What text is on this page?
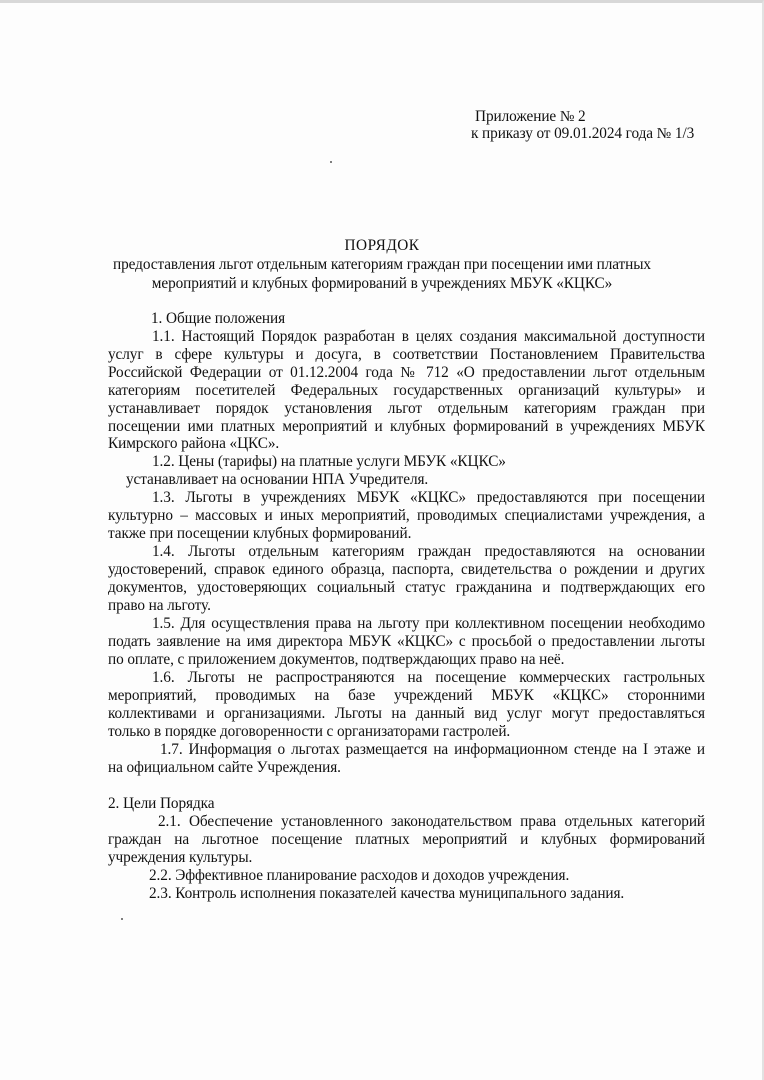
Приложение № 2
к приказу от 09.01.2024 года № 1/3
ПОРЯДОК
предоставления льгот отдельным категориям граждан при посещении ими платных
мероприятий и клубных формирований в учреждениях МБУК «КЦКС»
1. Общие положения
1.1. Настоящий Порядок разработан в целях создания максимальной доступности
услуг в сфере культуры и досуга, в соответствии Постановлением Правительства
Российской Федерации от 01.12.2004 года № 712 «О предоставлении льгот отдельным
категориям посетителей Федеральных государственных организаций культуры» и
устанавливает порядок установления льгот отдельным категориям граждан при
посещении ими платных мероприятий и клубных формирований в учреждениях МБУК
Кимрского района «ЦКС».
1.2. Цены (тарифы) на платные услуги МБУК «КЦКС»
устанавливает на основании НПА Учредителя.
1.3. Льготы в учреждениях МБУК «КЦКС» предоставляются при посещении
культурно – массовых и иных мероприятий, проводимых специалистами учреждения, а
также при посещении клубных формирований.
1.4. Льготы отдельным категориям граждан предоставляются на основании
удостоверений, справок единого образца, паспорта, свидетельства о рождении и других
документов, удостоверяющих социальный статус гражданина и подтверждающих его
право на льготу.
1.5. Для осуществления права на льготу при коллективном посещении необходимо
подать заявление на имя директора МБУК «КЦКС» с просьбой о предоставлении льготы
по оплате, с приложением документов, подтверждающих право на неё.
1.6. Льготы не распространяются на посещение коммерческих гастрольных
мероприятий, проводимых на базе учреждений МБУК «КЦКС» сторонними
коллективами и организациями. Льготы на данный вид услуг могут предоставляться
только в порядке договоренности с организаторами гастролей.
1.7. Информация о льготах размещается на информационном стенде на I этаже и
на официальном сайте Учреждения.
2. Цели Порядка
2.1. Обеспечение установленного законодательством права отдельных категорий
граждан на льготное посещение платных мероприятий и клубных формирований
учреждения культуры.
2.2. Эффективное планирование расходов и доходов учреждения.
2.3. Контроль исполнения показателей качества муниципального задания.
